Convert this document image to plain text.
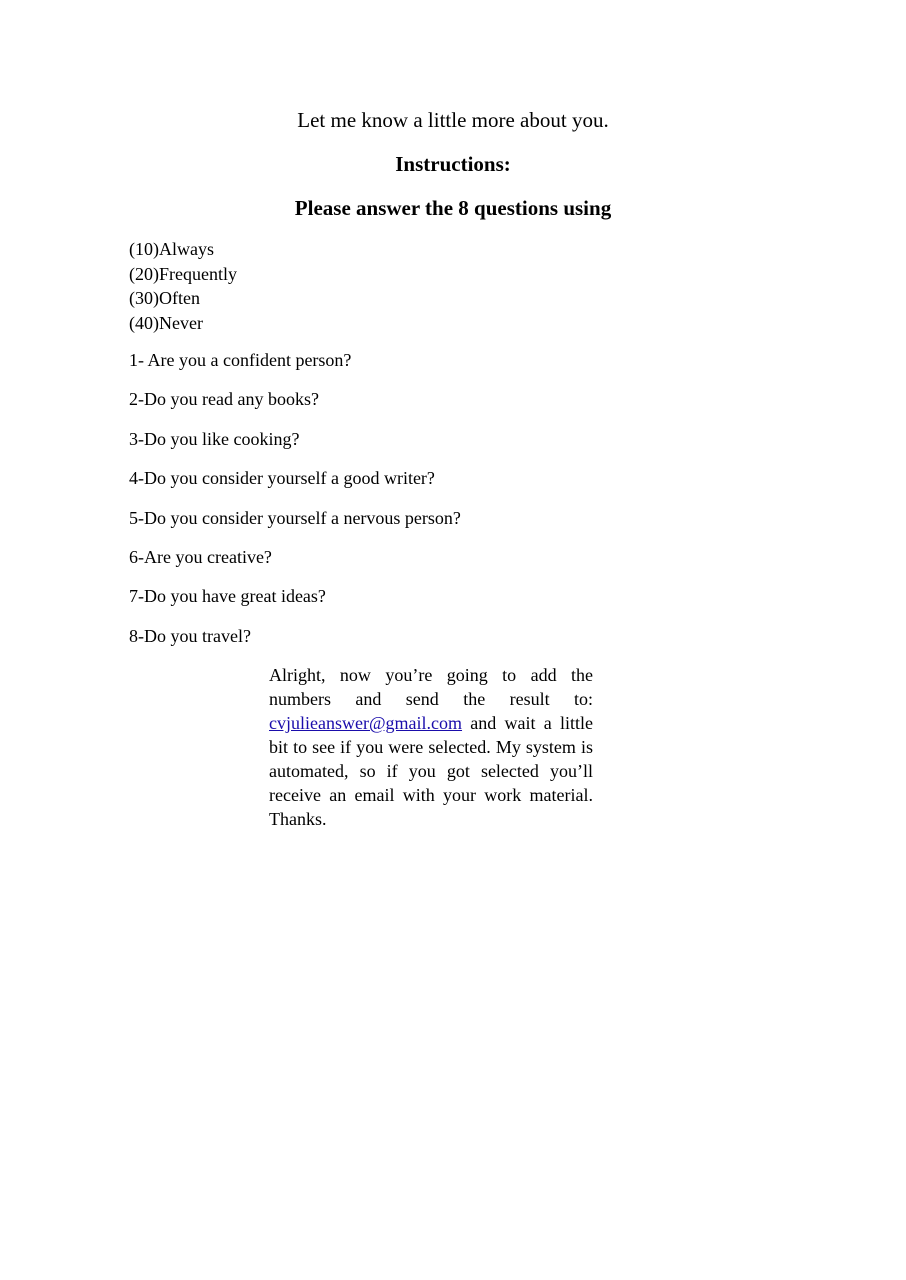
Let me know a little more about you.
Instructions:
Please answer the 8 questions using
(10)Always
(20)Frequently
(30)Often
(40)Never
1- Are you a confident person?
2-Do you read any books?
3-Do you like cooking?
4-Do you consider yourself a good writer?
5-Do you consider yourself a nervous person?
6-Are you creative?
7-Do you have great ideas?
8-Do you travel?
Alright, now you’re going to add the numbers and send the result to: cvjulieanswer@gmail.com and wait a little bit to see if you were selected. My system is automated, so if you got selected you’ll receive an email with your work material. Thanks.
